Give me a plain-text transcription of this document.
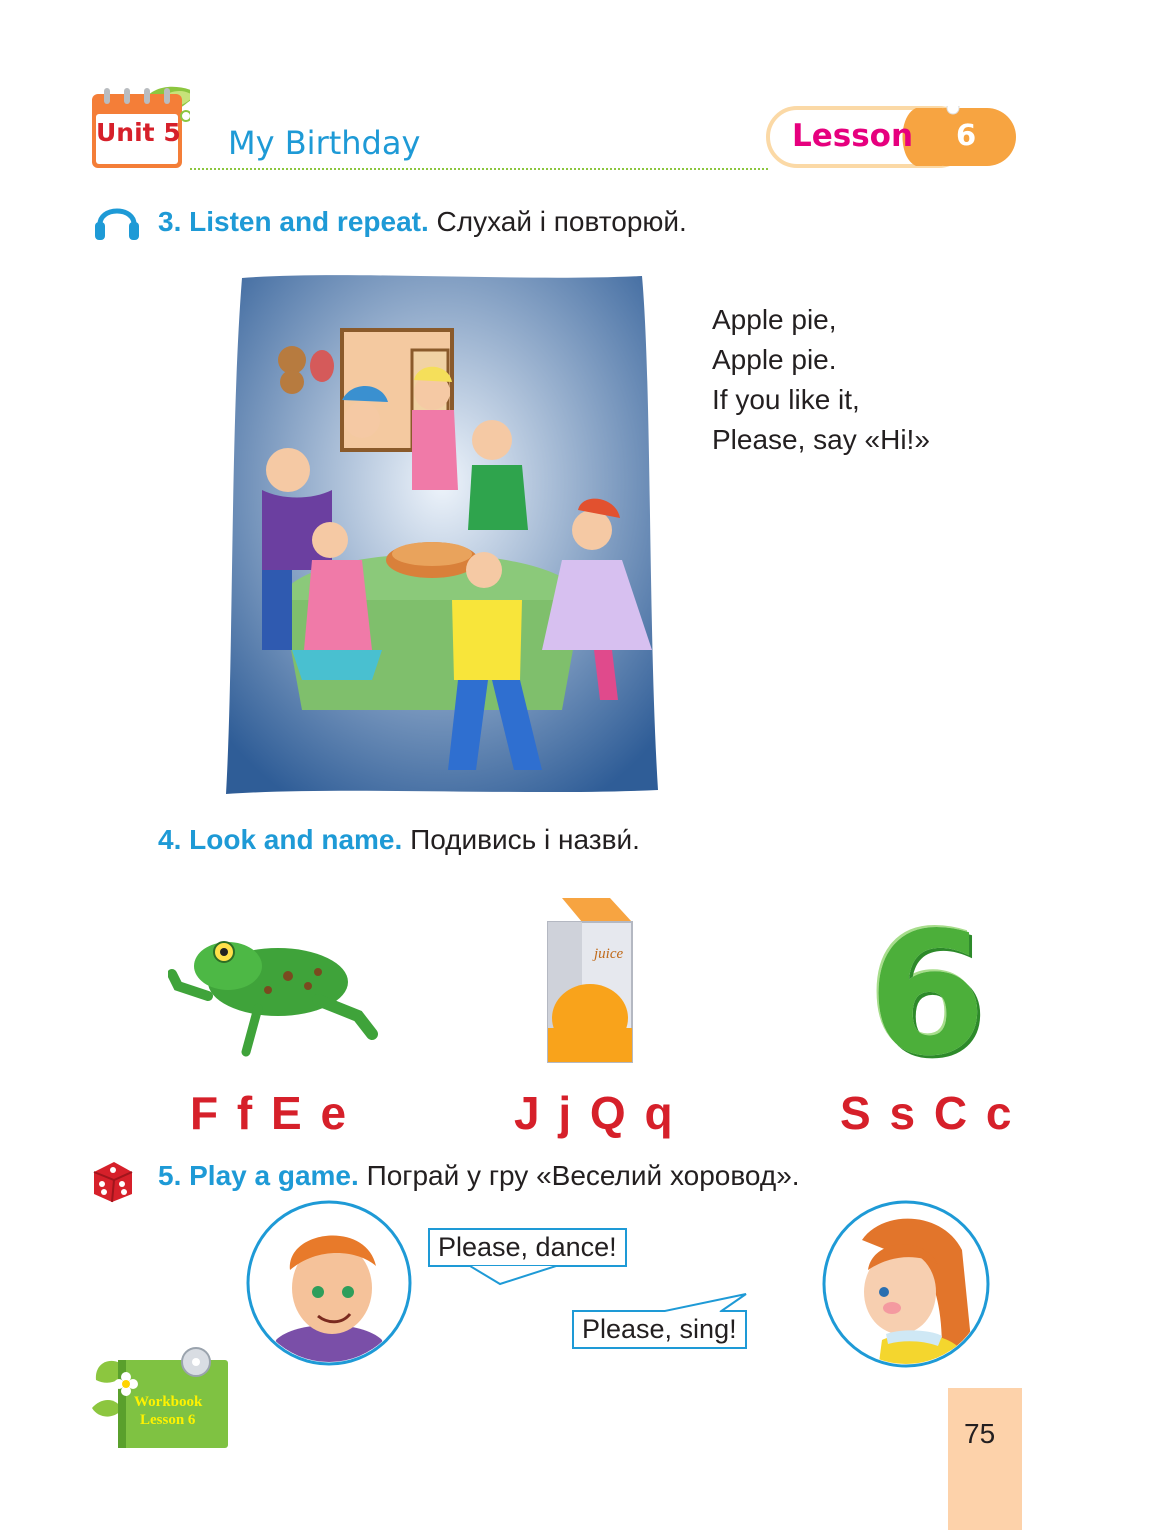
Unit 5 My Birthday	Lesson 6
3. Listen and repeat. Слухай і повторюй.
Apple pie,
Apple pie.
If you like it,
Please, say «Hi!»
4. Look and name. Подивись і назви́.
juice 6
F f E e	J j Q q	S s C c
5. Play a game. Пограй у гру «Веселий хоровод».
Please, dance!
Please, sing!
Workbook
Lesson 6	75
